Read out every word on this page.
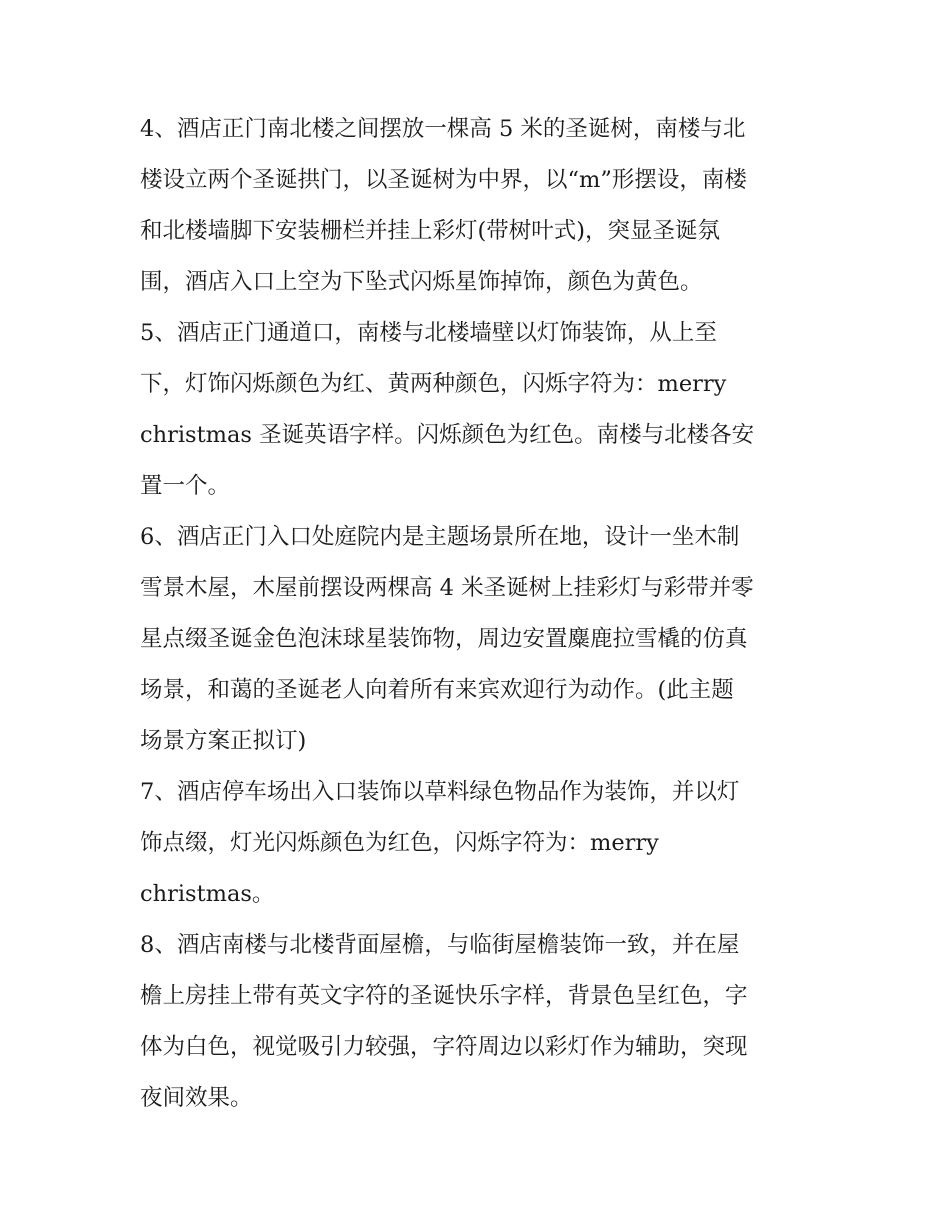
4、酒店正门南北楼之间摆放一棵高 5 米的圣诞树，南楼与北
楼设立两个圣诞拱门，以圣诞树为中界，以“m”形摆设，南楼
和北楼墙脚下安装栅栏并挂上彩灯(带树叶式)，突显圣诞氛
围，酒店入口上空为下坠式闪烁星饰掉饰，颜色为黄色。
5、酒店正门通道口，南楼与北楼墙壁以灯饰装饰，从上至
下，灯饰闪烁颜色为红、黄两种颜色，闪烁字符为：merry
christmas 圣诞英语字样。闪烁颜色为红色。南楼与北楼各安
置一个。
6、酒店正门入口处庭院内是主题场景所在地，设计一坐木制
雪景木屋，木屋前摆设两棵高 4 米圣诞树上挂彩灯与彩带并零
星点缀圣诞金色泡沫球星装饰物，周边安置麋鹿拉雪橇的仿真
场景，和蔼的圣诞老人向着所有来宾欢迎行为动作。(此主题
场景方案正拟订)
7、酒店停车场出入口装饰以草料绿色物品作为装饰，并以灯
饰点缀，灯光闪烁颜色为红色，闪烁字符为：merry
christmas。
8、酒店南楼与北楼背面屋檐，与临街屋檐装饰一致，并在屋
檐上房挂上带有英文字符的圣诞快乐字样，背景色呈红色，字
体为白色，视觉吸引力较强，字符周边以彩灯作为辅助，突现
夜间效果。
